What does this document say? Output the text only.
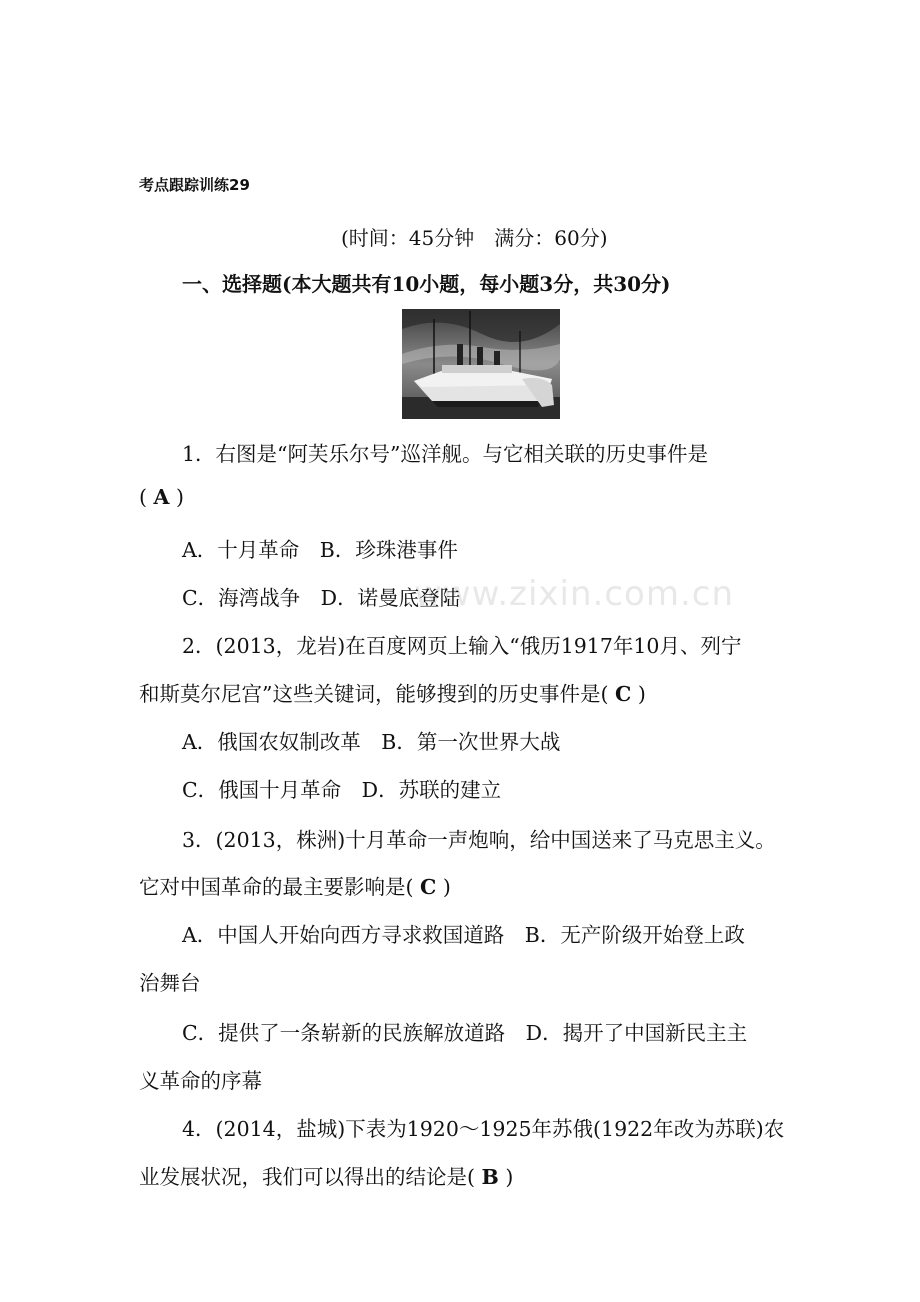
考点跟踪训练29
(时间：45分钟　满分：60分)
一、选择题(本大题共有10小题，每小题3分，共30分)
www.zixin.com.cn
1．右图是“阿芙乐尔号”巡洋舰。与它相关联的历史事件是
( A )
A．十月革命　B．珍珠港事件
C．海湾战争　D．诺曼底登陆
2．(2013，龙岩)在百度网页上输入“俄历1917年10月、列宁
和斯莫尔尼宫”这些关键词，能够搜到的历史事件是( C )
A．俄国农奴制改革　B．第一次世界大战
C．俄国十月革命　D．苏联的建立
3．(2013，株洲)十月革命一声炮响，给中国送来了马克思主义。
它对中国革命的最主要影响是( C )
A．中国人开始向西方寻求救国道路　B．无产阶级开始登上政
治舞台
C．提供了一条崭新的民族解放道路　D．揭开了中国新民主主
义革命的序幕
4．(2014，盐城)下表为1920～1925年苏俄(1922年改为苏联)农
业发展状况，我们可以得出的结论是( B )
